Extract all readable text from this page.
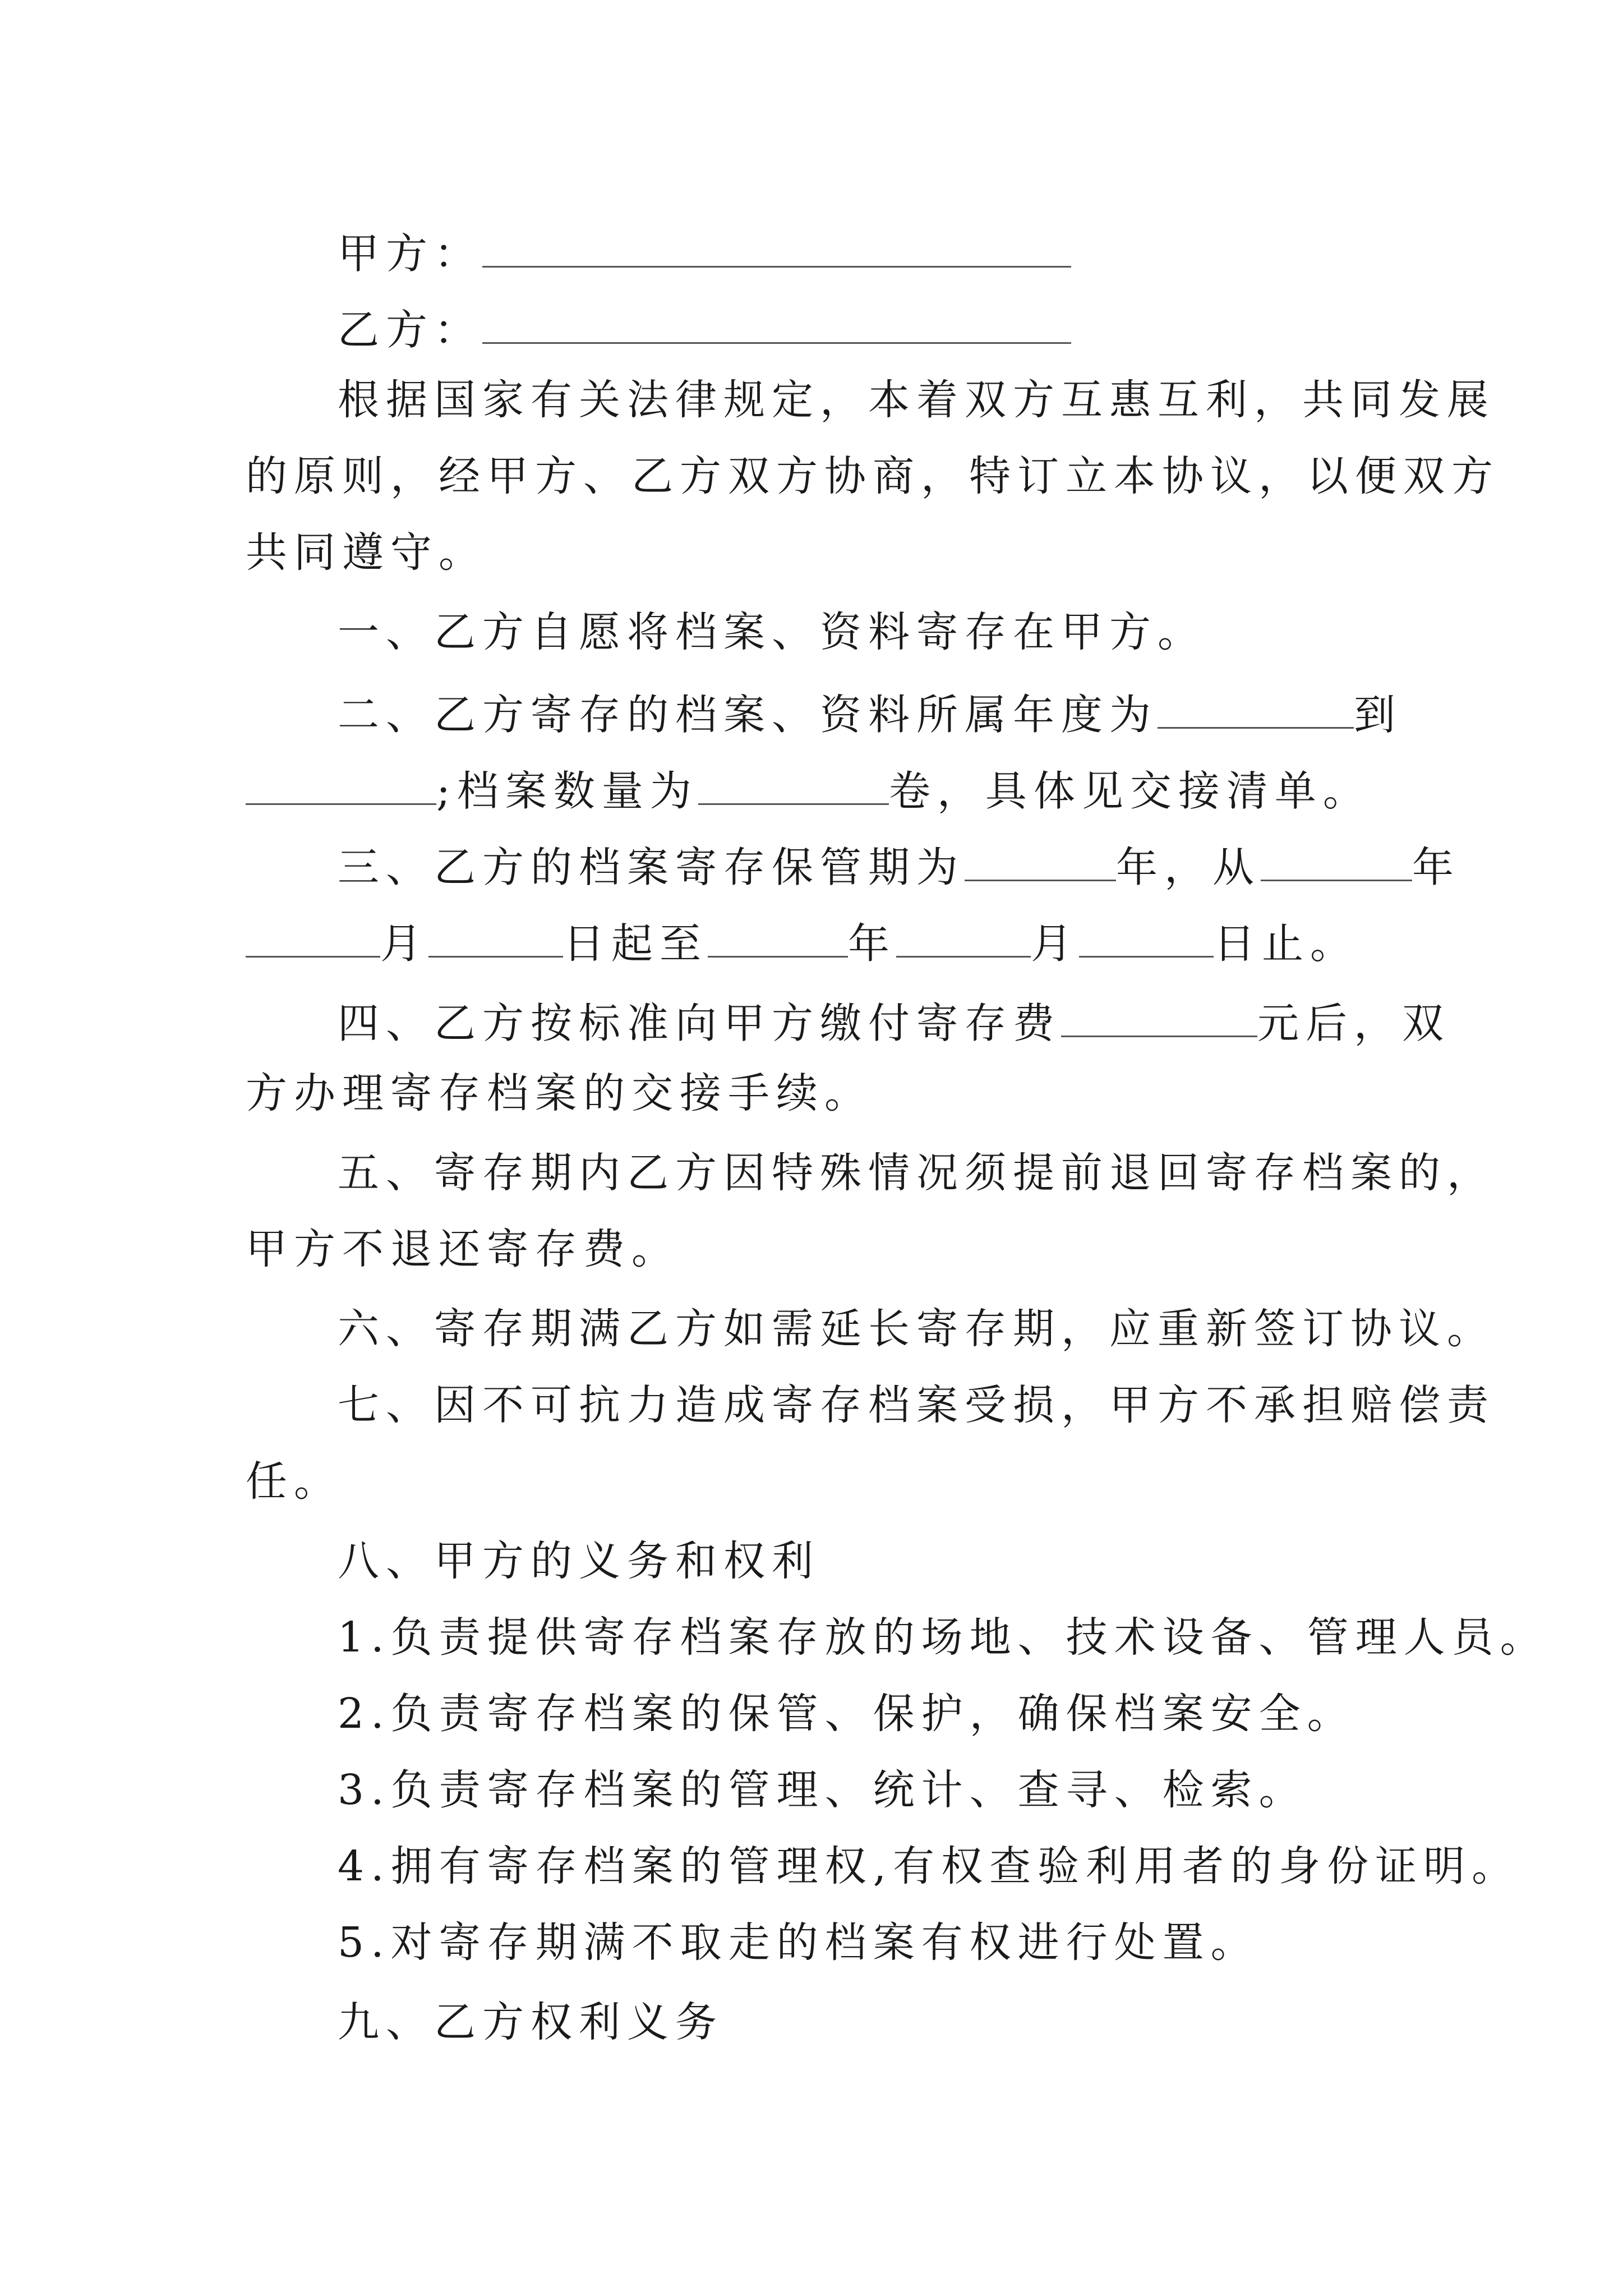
甲方：
乙方：
根据国家有关法律规定，本着双方互惠互利，共同发展
的原则，经甲方、乙方双方协商，特订立本协议，以便双方
共同遵守。
一、乙方自愿将档案、资料寄存在甲方。
二、乙方寄存的档案、资料所属年度为	到
;档案数量为	卷，具体见交接清单。
三、乙方的档案寄存保管期为	年，从	年
月	日起至	年	月	日止。
四、乙方按标准向甲方缴付寄存费	元后，双
方办理寄存档案的交接手续。
五、寄存期内乙方因特殊情况须提前退回寄存档案的，
甲方不退还寄存费。
六、寄存期满乙方如需延长寄存期，应重新签订协议。
七、因不可抗力造成寄存档案受损，甲方不承担赔偿责
任。
八、甲方的义务和权利
1.负责提供寄存档案存放的场地、技术设备、管理人员。
2.负责寄存档案的保管、保护，确保档案安全。
3.负责寄存档案的管理、统计、查寻、检索。
4.拥有寄存档案的管理权,有权查验利用者的身份证明。
5.对寄存期满不取走的档案有权进行处置。
九、乙方权利义务
